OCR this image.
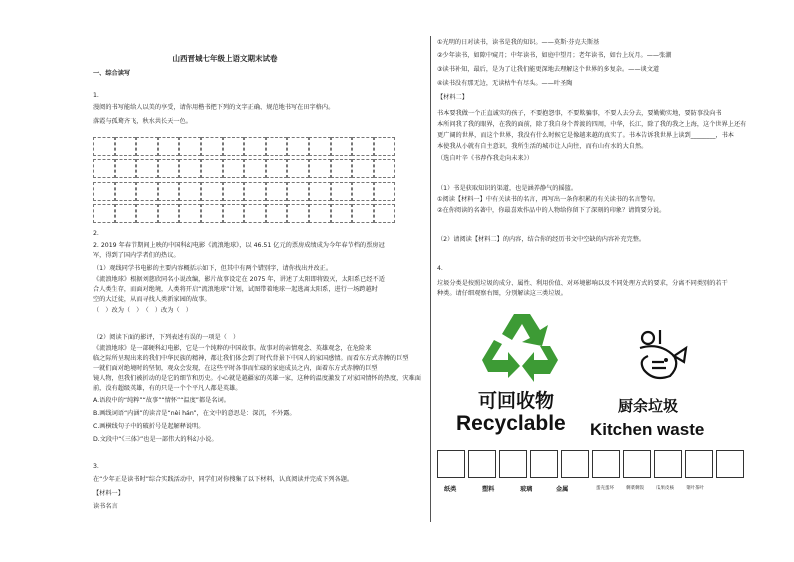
山西晋城七年级上语文期末试卷
一、综合读写
1.
漫阅的书写能给人以美的享受，请你用楷书把下列的文字正确、规范地书写在田字格内。
落霞与孤鹜齐飞，秋水共长天一色。
2.
2. 2019 年春节期间上映的中国科幻电影《流浪地球》，以 46.51 亿元的票房成绩成为今年春节档的票房冠
军，得到了国内学者们的热议。
（1）观线同学书电影的主要内容概括示如下，但其中有两个错别字，请你找出并改正。
《流浪地球》根据刘慈欣同名小说改编，影片故事设定在 2075 年，讲述了太阳即将毁灭，太阳系已经不适
合人类生存，而面对绝境，人类将开启“流浪地球”计划，试图带着地球一起逃离太阳系，进行一场跨越时
空的大迁徒，从而寻找人类新家园的故事。
（　）改为（　）　（　）改为（　）
（2）阅读下面的影评，下列表述有误的一项是（　）
《流浪地球》是一部硬科幻电影，它是一个纯粹的中国故事。故事对的亲情观念、英雄观念，在危险来
临之际所呈现出来的我们中华民族的精神，都让我们体会到了时代背景下中国人的家国感情。而看东方式赤膊的巨型
一就们面对绝境时的坚韧，观众会发现，在这些平时各事而忙碌的家庭成员之内，面着东方式赤膊的巨型
镜人物，但我们被折动的是它的细节和历史。小心就是越疆家的英雄一家，这种的温度激发了对家国情怀的热度，灾难面
前，没有超级英雄，有的只是一个个平凡人都是英雄。
A.语段中的“纯粹”“故事”“情怀”“温度”都是名词。
B.画线词语“内涵”的读音是“nèi hán”，在文中的意思是：深沉，不外露。
C.画横线句子中的破折号是起解释说明。
D.文段中“《三体》”也是一部伟大的科幻小说。
3.
在“少年正是读书时”综合实践活动中，同学们对你搜集了以下材料，认真阅读并完成下列各题。
【材料一】
读书名言
①光明的日对读书，读书是我的知识。——莫斯·芬克夫斯基
②少年读书，如隙中窥月；中年读书，如庭中望月；老年读书，如台上玩月。——张潮
③读书补知，最后，是为了让我们能更深地去理解这个世界的多复杂。——谈文道
④读书没有那无边，无读枯牛有尽头。——叶圣陶
【材料二】
书本要我做一个正直诚实的孩子，不要抱怨事，不要欺骗事，不要人去分去，要勤勤实地，要防事没向书
本所问我了我的眼界，在我的面前，除了我自身个普渡的四周，中华，长江，除了我的我之上海，这个世界上还有
更广阔的世界，而这个世界，我没有什么时候它是像越来越的真实了。书本告诉我世界上读到________，书本
本使我从小就有自主意识，我所生活的城市让人向往，而有山有水的大自然。
（选自叶辛《书荐作我走向未来》）
（1）书是获取知识的渠道，也是涵养静气的摇篮。
①阅读【材料一】中有关读书的名言，再写出一条你积累的有关读书的名言警句。
②在你阅读的名著中，你最喜欢作品中的人物给你留下了深刻的印象？请简要分说。
（2）请阅读【材料二】的内容，结合你的经历书文中空缺的内容补充完整。
4.
垃圾分类是按照垃圾的成分、属性、利用价值、对环境影响以及不同处理方式的要求，分离不同类别的若干
种类。请仔细观察右图，分别解读这三类垃圾。
可回收物
Recyclable
厨余垃圾
Kitchen waste
纸类	塑料	玻璃	金属	蛋壳蛋坏	剩菜剩饭	瓜果皮核	菜叶茶叶
